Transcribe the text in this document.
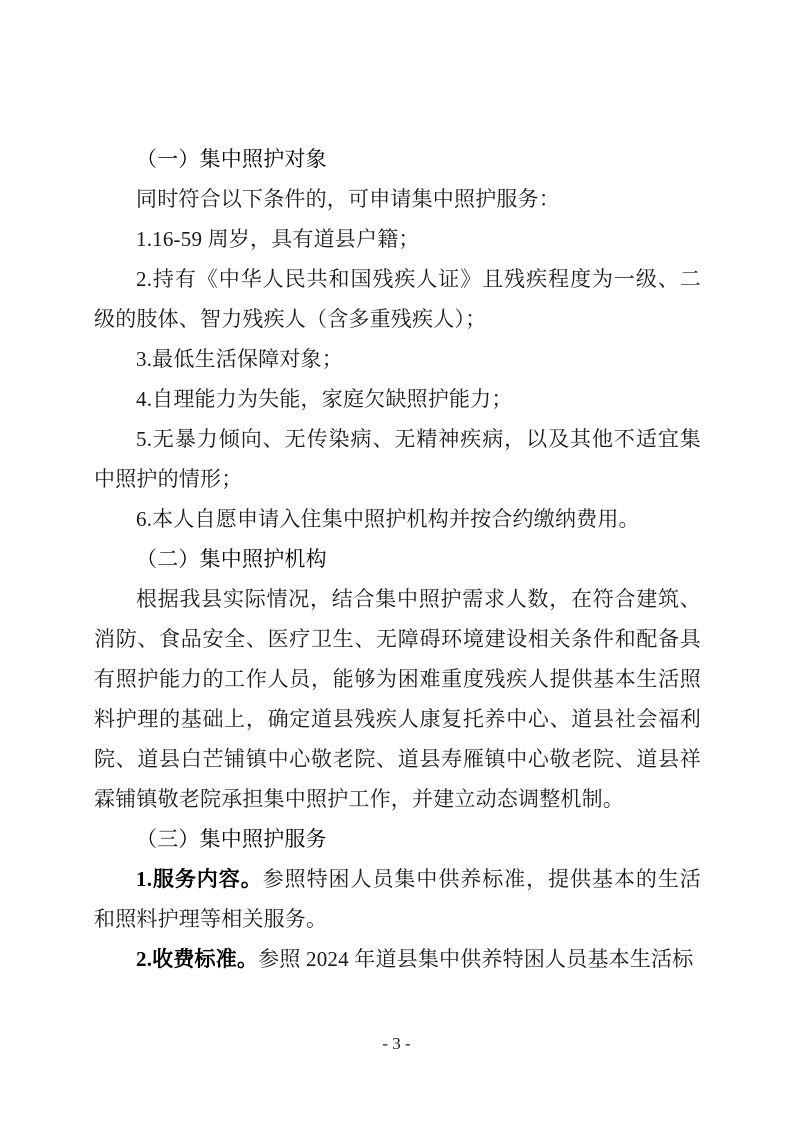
（一）集中照护对象

同时符合以下条件的，可申请集中照护服务：

1.16-59 周岁，具有道县户籍；

2.持有《中华人民共和国残疾人证》且残疾程度为一级、二级的肢体、智力残疾人（含多重残疾人）；

3.最低生活保障对象；

4.自理能力为失能，家庭欠缺照护能力；

5.无暴力倾向、无传染病、无精神疾病，以及其他不适宜集中照护的情形；

6.本人自愿申请入住集中照护机构并按合约缴纳费用。

（二）集中照护机构

根据我县实际情况，结合集中照护需求人数，在符合建筑、消防、食品安全、医疗卫生、无障碍环境建设相关条件和配备具有照护能力的工作人员，能够为困难重度残疾人提供基本生活照料护理的基础上，确定道县残疾人康复托养中心、道县社会福利院、道县白芒铺镇中心敬老院、道县寿雁镇中心敬老院、道县祥霖铺镇敬老院承担集中照护工作，并建立动态调整机制。

（三）集中照护服务

1.服务内容。参照特困人员集中供养标准，提供基本的生活和照料护理等相关服务。

2.收费标准。参照 2024 年道县集中供养特困人员基本生活标

- 3 -
